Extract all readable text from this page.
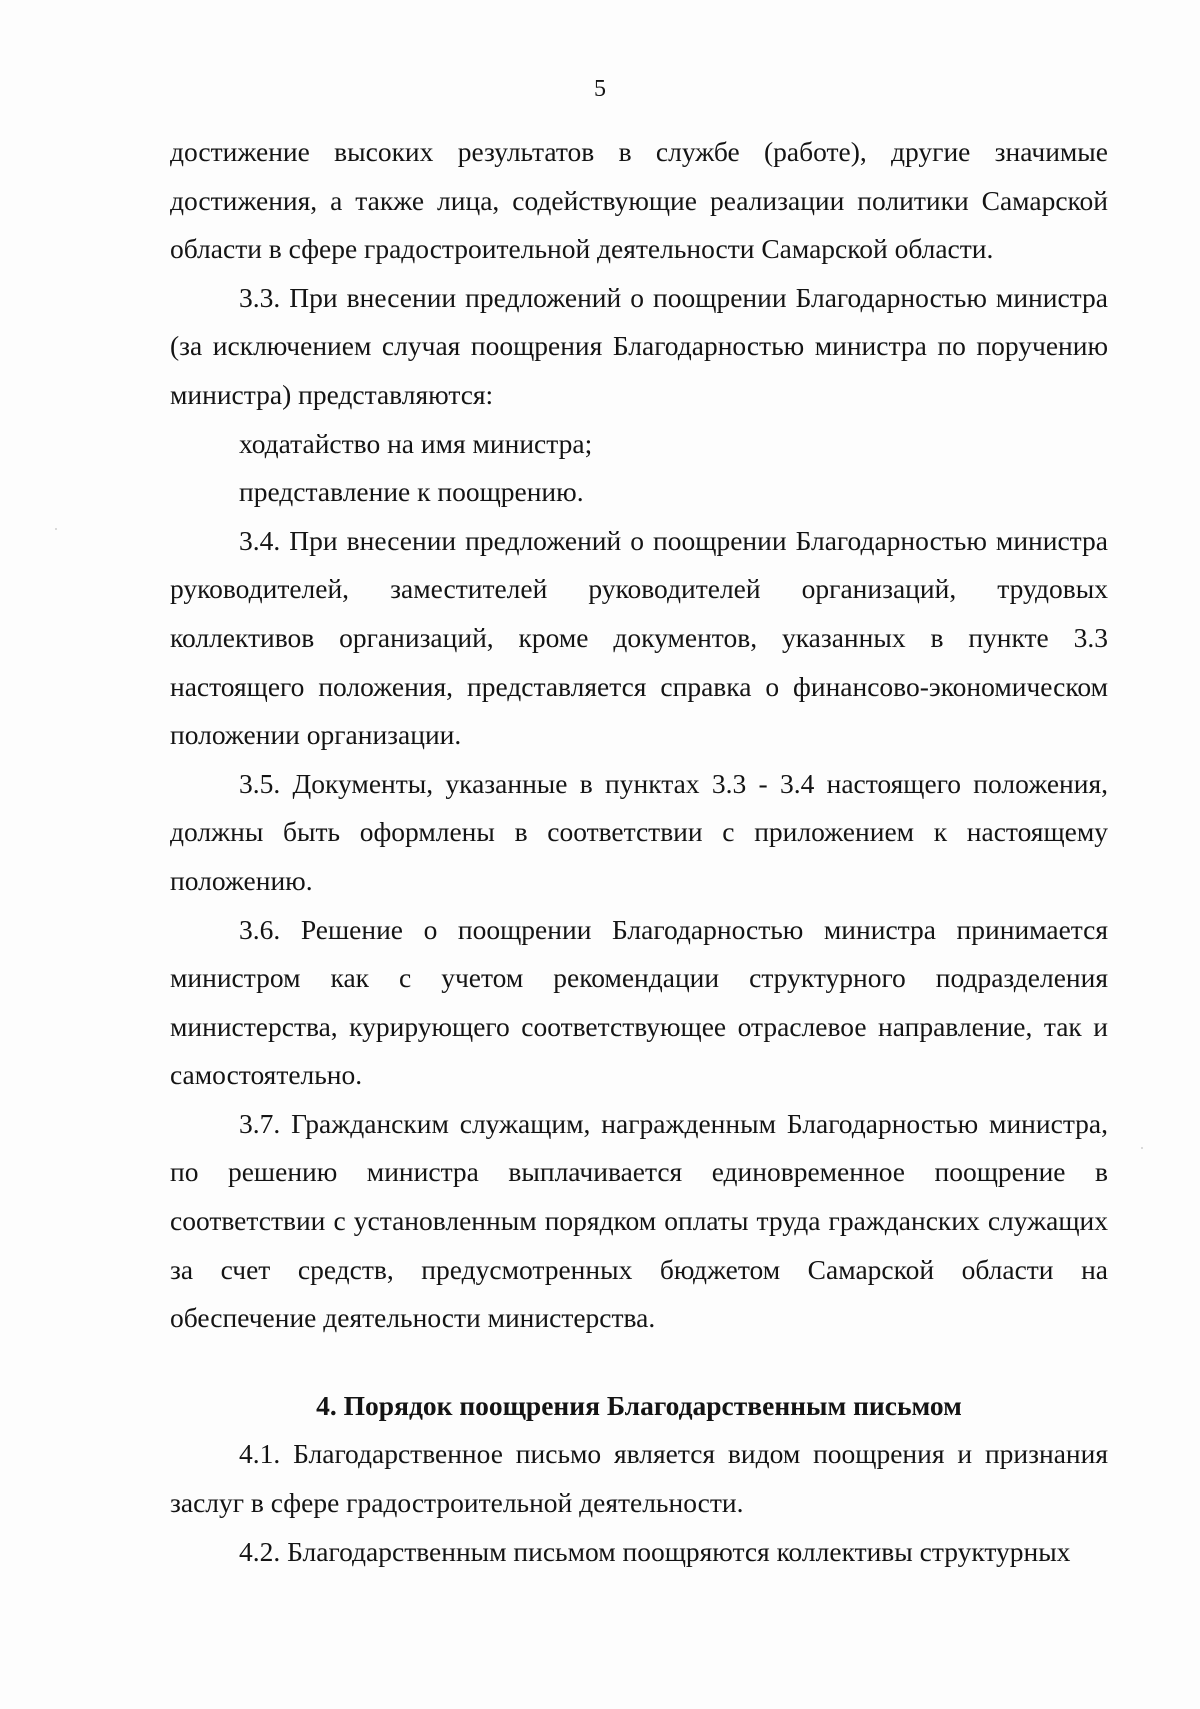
5

достижение высоких результатов в службе (работе), другие значимые достижения, а также лица, содействующие реализации политики Самарской области в сфере градостроительной деятельности Самарской области.

3.3. При внесении предложений о поощрении Благодарностью министра (за исключением случая поощрения Благодарностью министра по поручению министра) представляются:

ходатайство на имя министра;

представление к поощрению.

3.4. При внесении предложений о поощрении Благодарностью министра руководителей, заместителей руководителей организаций, трудовых коллективов организаций, кроме документов, указанных в пункте 3.3 настоящего положения, представляется справка о финансово-экономическом положении организации.

3.5. Документы, указанные в пунктах 3.3 - 3.4 настоящего положения, должны быть оформлены в соответствии с приложением к настоящему положению.

3.6. Решение о поощрении Благодарностью министра принимается министром как с учетом рекомендации структурного подразделения министерства, курирующего соответствующее отраслевое направление, так и самостоятельно.

3.7. Гражданским служащим, награжденным Благодарностью министра, по решению министра выплачивается единовременное поощрение в соответствии с установленным порядком оплаты труда гражданских служащих за счет средств, предусмотренных бюджетом Самарской области на обеспечение деятельности министерства.

4. Порядок поощрения Благодарственным письмом

4.1. Благодарственное письмо является видом поощрения и признания заслуг в сфере градостроительной деятельности.

4.2. Благодарственным письмом поощряются коллективы структурных
